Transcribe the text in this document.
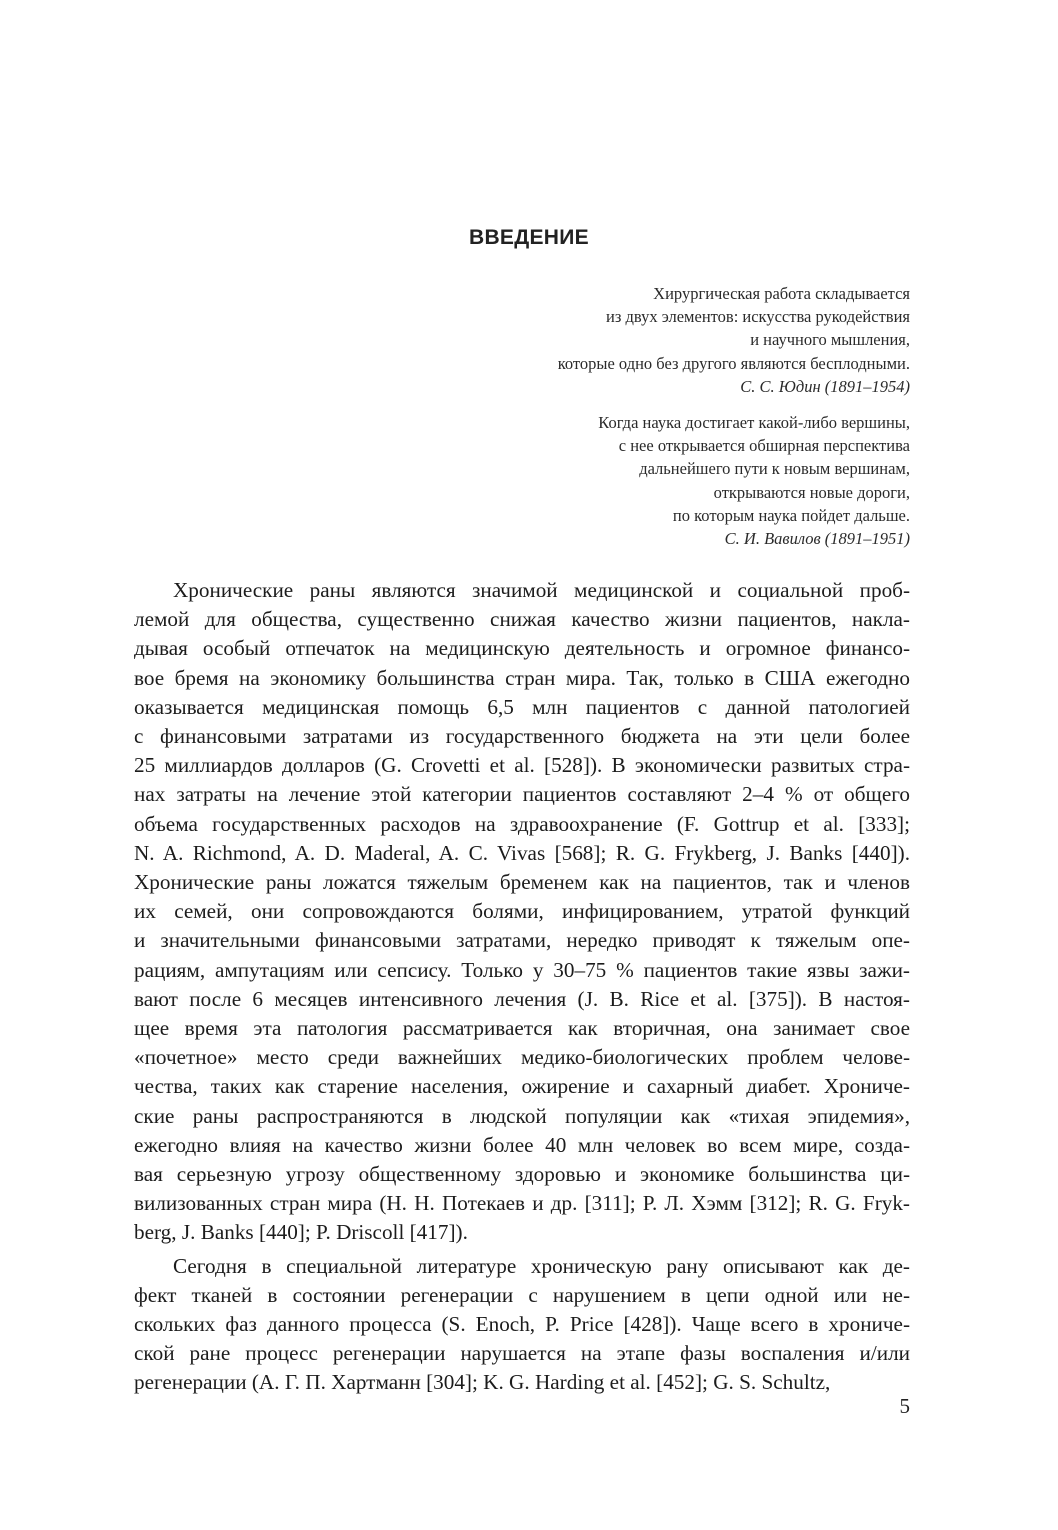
ВВЕДЕНИЕ
Хирургическая работа складывается
из двух элементов: искусства рукодействия
и научного мышления,
которые одно без другого являются бесплодными.
С. С. Юдин (1891–1954)
Когда наука достигает какой-либо вершины,
с нее открывается обширная перспектива
дальнейшего пути к новым вершинам,
открываются новые дороги,
по которым наука пойдет дальше.
С. И. Вавилов (1891–1951)
Хронические раны являются значимой медицинской и социальной проб-
лемой для общества, существенно снижая качество жизни пациентов, накла-
дывая особый отпечаток на медицинскую деятельность и огромное финансо-
вое бремя на экономику большинства стран мира. Так, только в США ежегодно
оказывается медицинская помощь 6,5 млн пациентов с данной патологией
с финансовыми затратами из государственного бюджета на эти цели более
25 миллиардов долларов (G. Crovetti et al. [528]). В экономически развитых стра-
нах затраты на лечение этой категории пациентов составляют 2–4 % от общего
объема государственных расходов на здравоохранение (F. Gottrup et al. [333];
N. A. Richmond, A. D. Maderal, A. C. Vivas [568]; R. G. Frykberg, J. Banks [440]).
Хронические раны ложатся тяжелым бременем как на пациентов, так и членов
их семей, они сопровождаются болями, инфицированием, утратой функций
и значительными финансовыми затратами, нередко приводят к тяжелым опе-
рациям, ампутациям или сепсису. Только у 30–75 % пациентов такие язвы зажи-
вают после 6 месяцев интенсивного лечения (J. B. Rice et al. [375]). В настоя-
щее время эта патология рассматривается как вторичная, она занимает свое
«почетное» место среди важнейших медико-биологических проблем челове-
чества, таких как старение населения, ожирение и сахарный диабет. Хрониче-
ские раны распространяются в людской популяции как «тихая эпидемия»,
ежегодно влияя на качество жизни более 40 млн человек во всем мире, созда-
вая серьезную угрозу общественному здоровью и экономике большинства ци-
вилизованных стран мира (Н. Н. Потекаев и др. [311]; Р. Л. Хэмм [312]; R. G. Fryk-
berg, J. Banks [440]; P. Driscoll [417]).
Сегодня в специальной литературе хроническую рану описывают как де-
фект тканей в состоянии регенерации с нарушением в цепи одной или не-
скольких фаз данного процесса (S. Enoch, P. Price [428]). Чаще всего в хрониче-
ской ране процесс регенерации нарушается на этапе фазы воспаления и/или
регенерации (А. Г. П. Хартманн [304]; K. G. Harding et al. [452]; G. S. Schultz,
5
